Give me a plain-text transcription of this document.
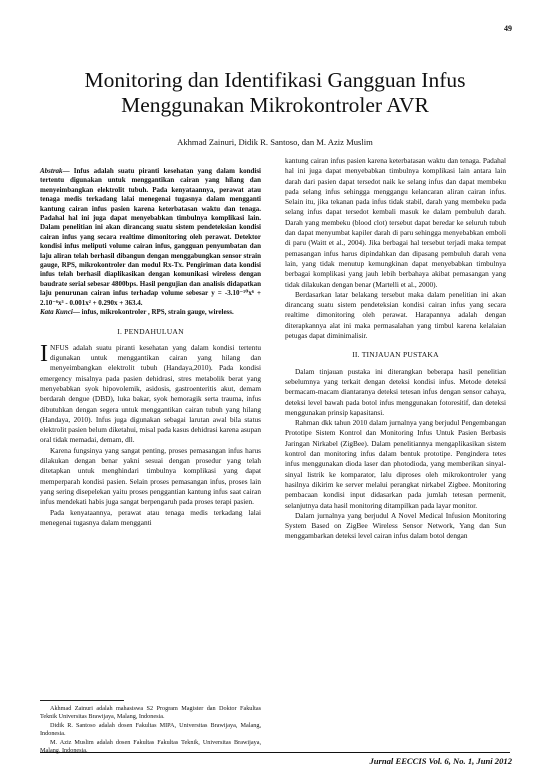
49
Monitoring dan Identifikasi Gangguan Infus Menggunakan Mikrokontroler AVR
Akhmad Zainuri, Didik R. Santoso, dan M. Aziz Muslim

Abstrak— Infus adalah suatu piranti kesehatan yang dalam kondisi tertentu digunakan untuk menggantikan cairan yang hilang dan menyeimbangkan elektrolit tubuh. Pada kenyataannya, perawat atau tenaga medis terkadang lalai menegenai tugasnya dalam mengganti kantung cairan infus pasien karena keterbatasan waktu dan tenaga. Padahal hal ini juga dapat menyebabkan timbulnya komplikasi lain. Dalam penelitian ini akan dirancang suatu sistem pendeteksian kondisi cairan infus yang secara realtime dimonitoring oleh perawat. Detektor kondisi infus meliputi volume cairan infus, gangguan penyumbatan dan laju aliran telah berhasil dibangun dengan menggabungkan sensor strain gauge, RPS, mikrokontroler dan modul Rx-Tx. Pengiriman data kondisi infus telah berhasil diaplikasikan dengan komunikasi wireless dengan baudrate serial sebesar 4800bps. Hasil pengujian dan analisis didapatkan laju penurunan cairan infus terhadap volume sebesar y = -3.10⁻¹⁰x⁶ + 2.10⁻⁶x³ - 0.001x² + 0.290x + 363.4.

Kata Kunci— infus, mikrokontroler , RPS, strain gauge, wireless.

I. PENDAHULUAN

INFUS adalah suatu piranti kesehatan yang dalam kondisi tertentu digunakan untuk menggantikan cairan yang hilang dan menyeimbangkan elektrolit tubuh (Handaya,2010). Pada kondisi emergency misalnya pada pasien dehidrasi, stres metabolik berat yang menyebabkan syok hipovolemik, asidosis, gastroenteritis akut, demam berdarah dengue (DBD), luka bakar, syok hemoragik serta trauma, infus dibutuhkan dengan segera untuk menggantikan cairan tubuh yang hilang (Handaya, 2010). Infus juga digunakan sebagai larutan awal bila status elektrolit pasien belum diketahui, misal pada kasus dehidrasi karena asupan oral tidak memadai, demam, dll.

Karena fungsinya yang sangat penting, proses pemasangan infus harus dilakukan dengan benar yakni sesuai dengan prosedur yang telah ditetapkan untuk menghindari timbulnya komplikasi yang dapat memperparah kondisi pasien. Selain proses pemasangan infus, proses lain yang sering disepelekan yaitu proses penggantian kantung infus saat cairan infus mendekati habis juga sangat berpengaruh pada proses terapi pasien.

Pada kenyataannya, perawat atau tenaga medis terkadang lalai menegenai tugasnya dalam mengganti

Akhmad Zainuri adalah mahasiswa S2 Program Magister dan Doktor Fakultas Teknik Universitas Brawijaya, Malang, Indonesia.

Didik R. Santoso adalah dosen Fakultas MIPA, Universitas Brawijaya, Malang, Indonesia.

M. Aziz Muslim adalah dosen Fakultas Fakultas Teknik, Universitas Brawijaya, Malang, Indonesia.

kantung cairan infus pasien karena keterbatasan waktu dan tenaga. Padahal hal ini juga dapat menyebabkan timbulnya komplikasi lain antara lain darah dari pasien dapat tersedot naik ke selang infus dan dapat membeku pada selang infus sehingga menggangu kelancaran aliran cairan infus. Selain itu, jika tekanan pada infus tidak stabil, darah yang membeku pada selang infus dapat tersedot kembali masuk ke dalam pembuluh darah. Darah yang membeku (blood clot) tersebut dapat beredar ke seluruh tubuh dan dapat menyumbat kapiler darah di paru sehingga menyebabkan emboli di paru (Waitt et al., 2004). Jika berbagai hal tersebut terjadi maka tempat pemasangan infus harus dipindahkan dan dipasang pembuluh darah vena lain, yang tidak menutup kemungkinan dapat menyebabkan timbulnya berbagai komplikasi yang jauh lebih berbahaya akibat pemasangan yang tidak dilakukan dengan benar (Martelli et al., 2000).

Berdasarkan latar belakang tersebut maka dalam penelitian ini akan dirancang suatu sistem pendeteksian kondisi cairan infus yang secara realtime dimonitoring oleh perawat. Harapannya adalah dengan diterapkannya alat ini maka permasalahan yang timbul karena kelalaian petugas dapat diminimalisir.

II. TINJAUAN PUSTAKA

Dalam tinjauan pustaka ini diterangkan beberapa hasil penelitian sebelumnya yang terkait dengan deteksi kondisi infus. Metode deteksi bermacam-macam diantaranya deteksi tetesan infus dengan sensor cahaya, deteksi level bawah pada botol infus menggunakan fotoresitif, dan deteksi menggunakan prinsip kapasitansi.

Rahman dkk tahun 2010 dalam jurnalnya yang berjudul Pengembangan Prototipe Sistem Kontrol dan Monitoring Infus Untuk Pasien Berbasis Jaringan Nirkabel (ZigBee). Dalam penelitiannya mengaplikasikan sistem kontrol dan monitoring infus dalam bentuk prototipe. Pengindera tetes infus menggunakan dioda laser dan photodioda, yang memberikan sinyal-sinyal listrik ke komparator, lalu diproses oleh mikrokontroler yang hasilnya dikirim ke server melalui perangkat nirkabel Zigbee. Monitoring pembacaan kondisi input didasarkan pada jumlah tetesan permenit, selanjutnya data hasil monitoring ditampilkan pada layar monitor.

Dalam jurnalnya yang berjudul A Novel Medical Infusion Monitoring System Based on ZigBee Wireless Sensor Network, Yang dan Sun menggambarkan deteksi level cairan infus dalam botol dengan

Jurnal EECCIS Vol. 6, No. 1, Juni 2012
